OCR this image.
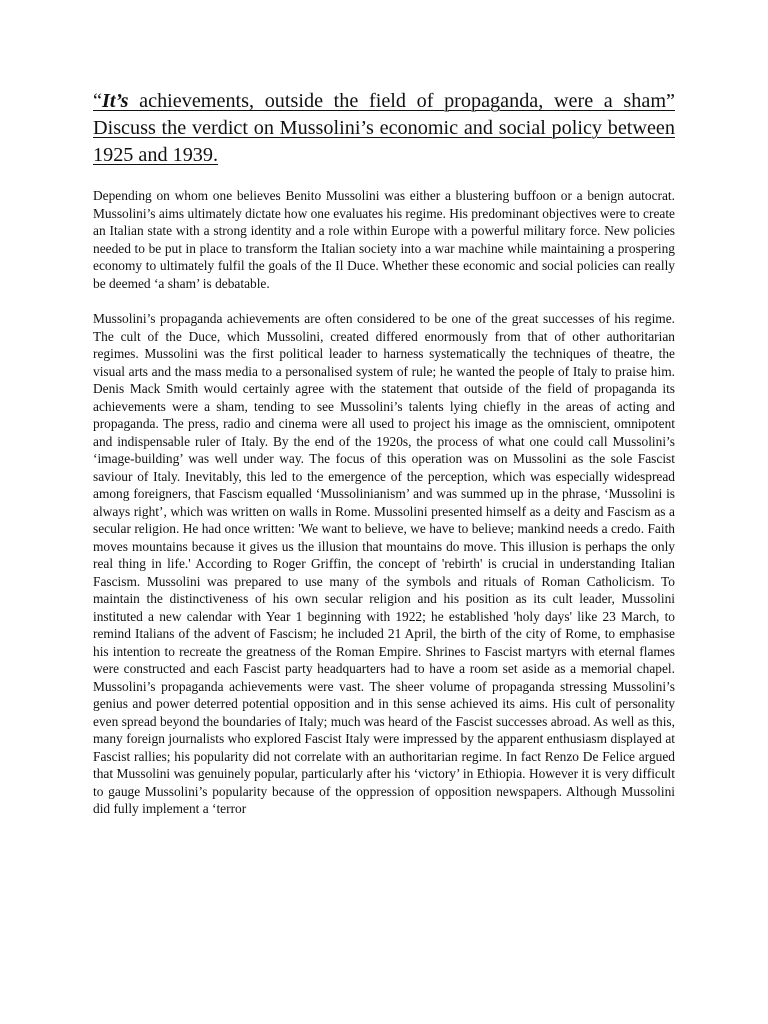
“It’s achievements, outside the field of propaganda, were a sham” Discuss the verdict on Mussolini’s economic and social policy between 1925 and 1939.

Depending on whom one believes Benito Mussolini was either a blustering buffoon or a benign autocrat. Mussolini’s aims ultimately dictate how one evaluates his regime. His predominant objectives were to create an Italian state with a strong identity and a role within Europe with a powerful military force. New policies needed to be put in place to transform the Italian society into a war machine while maintaining a prospering economy to ultimately fulfil the goals of the Il Duce. Whether these economic and social policies can really be deemed ‘a sham’ is debatable.

Mussolini’s propaganda achievements are often considered to be one of the great successes of his regime. The cult of the Duce, which Mussolini, created differed enormously from that of other authoritarian regimes. Mussolini was the first political leader to harness systematically the techniques of theatre, the visual arts and the mass media to a personalised system of rule; he wanted the people of Italy to praise him. Denis Mack Smith would certainly agree with the statement that outside of the field of propaganda its achievements were a sham, tending to see Mussolini’s talents lying chiefly in the areas of acting and propaganda. The press, radio and cinema were all used to project his image as the omniscient, omnipotent and indispensable ruler of Italy. By the end of the 1920s, the process of what one could call Mussolini’s ‘image-building’ was well under way. The focus of this operation was on Mussolini as the sole Fascist saviour of Italy. Inevitably, this led to the emergence of the perception, which was especially widespread among foreigners, that Fascism equalled ‘Mussolinianism’ and was summed up in the phrase, ‘Mussolini is always right’, which was written on walls in Rome. Mussolini presented himself as a deity and Fascism as a secular religion. He had once written: 'We want to believe, we have to believe; mankind needs a credo. Faith moves mountains because it gives us the illusion that mountains do move. This illusion is perhaps the only real thing in life.' According to Roger Griffin, the concept of 'rebirth' is crucial in understanding Italian Fascism. Mussolini was prepared to use many of the symbols and rituals of Roman Catholicism. To maintain the distinctiveness of his own secular religion and his position as its cult leader, Mussolini instituted a new calendar with Year 1 beginning with 1922; he established 'holy days' like 23 March, to remind Italians of the advent of Fascism; he included 21 April, the birth of the city of Rome, to emphasise his intention to recreate the greatness of the Roman Empire. Shrines to Fascist martyrs with eternal flames were constructed and each Fascist party headquarters had to have a room set aside as a memorial chapel. Mussolini’s propaganda achievements were vast. The sheer volume of propaganda stressing Mussolini’s genius and power deterred potential opposition and in this sense achieved its aims. His cult of personality even spread beyond the boundaries of Italy; much was heard of the Fascist successes abroad. As well as this, many foreign journalists who explored Fascist Italy were impressed by the apparent enthusiasm displayed at Fascist rallies; his popularity did not correlate with an authoritarian regime. In fact Renzo De Felice argued that Mussolini was genuinely popular, particularly after his ‘victory’ in Ethiopia. However it is very difficult to gauge Mussolini’s popularity because of the oppression of opposition newspapers. Although Mussolini did fully implement a ‘terror
